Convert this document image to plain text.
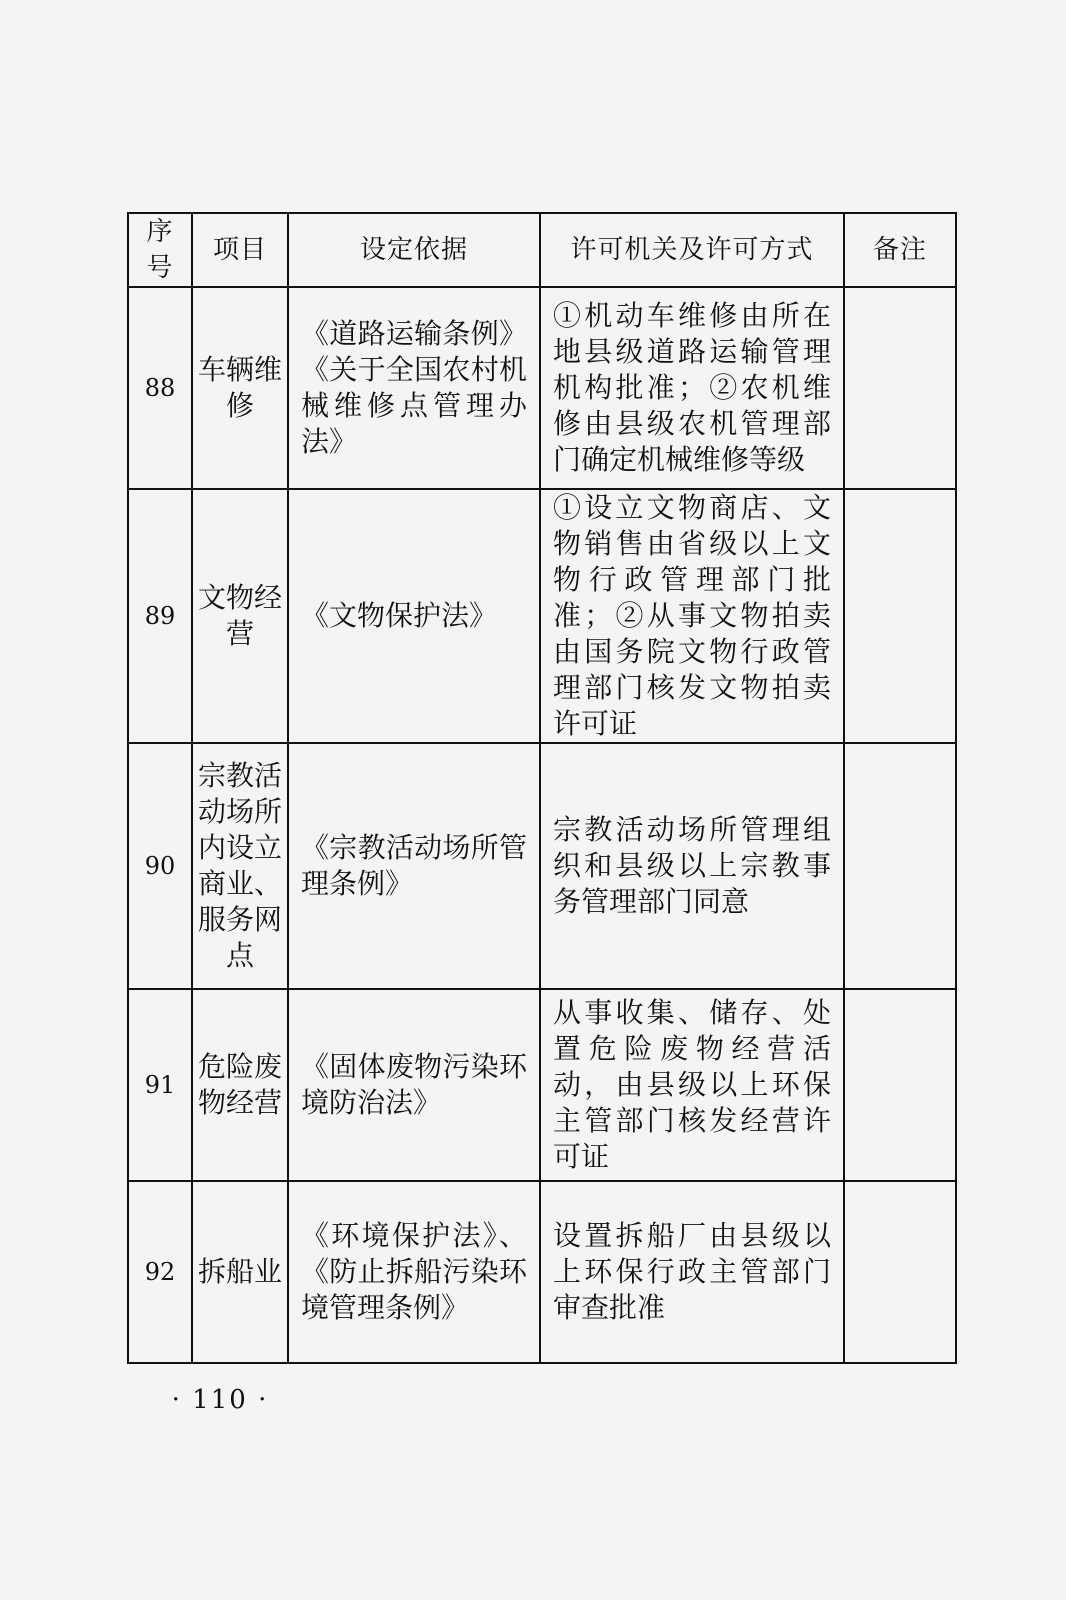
序号	项目	设定依据	许可机关及许可方式	备注
88	车辆维修	《道路运输条例》《关于全国农村机械维修点管理办法》	①机动车维修由所在地县级道路运输管理机构批准；②农机维修由县级农机管理部门确定机械维修等级	
89	文物经营	《文物保护法》	①设立文物商店、文物销售由省级以上文物行政管理部门批准；②从事文物拍卖由国务院文物行政管理部门核发文物拍卖许可证	
90	宗教活动场所内设立商业、服务网点	《宗教活动场所管理条例》	宗教活动场所管理组织和县级以上宗教事务管理部门同意	
91	危险废物经营	《固体废物污染环境防治法》	从事收集、储存、处置危险废物经营活动，由县级以上环保主管部门核发经营许可证	
92	拆船业	《环境保护法》、《防止拆船污染环境管理条例》	设置拆船厂由县级以上环保行政主管部门审查批准	
· 110 ·
